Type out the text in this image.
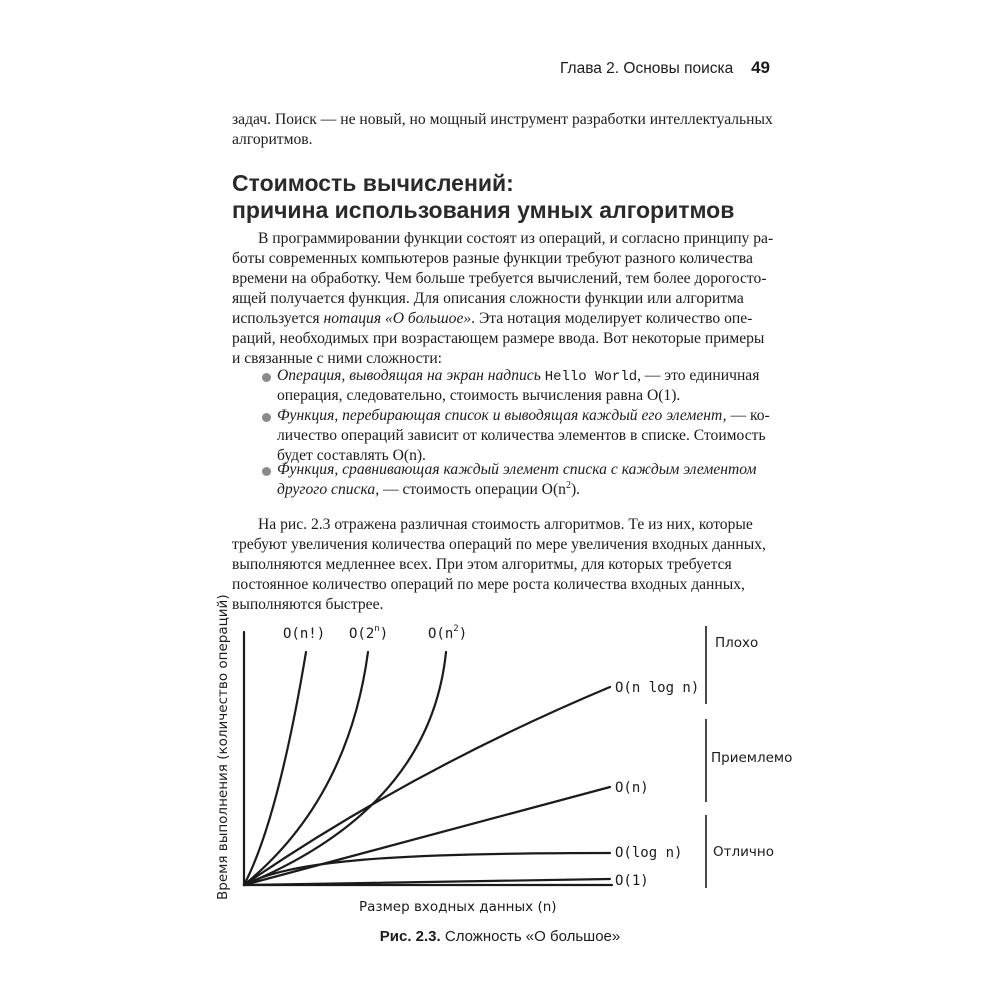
Глава 2. Основы поиска 49
задач. Поиск — не новый, но мощный инструмент разработки интеллектуальных
алгоритмов.
Стоимость вычислений:
причина использования умных алгоритмов
В программировании функции состоят из операций, и согласно принципу ра-
боты современных компьютеров разные функции требуют разного количества
времени на обработку. Чем больше требуется вычислений, тем более дорогосто-
ящей получается функция. Для описания сложности функции или алгоритма
используется нотация «О большое». Эта нотация моделирует количество опе-
раций, необходимых при возрастающем размере ввода. Вот некоторые примеры
и связанные с ними сложности:
Операция, выводящая на экран надпись Hello World, — это единичная
операция, следовательно, стоимость вычисления равна O(1).
Функция, перебирающая список и выводящая каждый его элемент, — ко-
личество операций зависит от количества элементов в списке. Стоимость
будет составлять O(n).
Функция, сравнивающая каждый элемент списка с каждым элементом
другого списка, — стоимость операции $O(n^2)$.
На рис. 2.3 отражена различная стоимость алгоритмов. Те из них, которые
требуют увеличения количества операций по мере увеличения входных данных,
выполняются медленнее всех. При этом алгоритмы, для которых требуется
постоянное количество операций по мере роста количества входных данных,
выполняются быстрее.
O(n!) O(2$^n$)	$O(n^2)$
O(n log n)
O(n)
O(log n)
O(1)
Плохо
Приемлемо
Отлично
Размер входных данных (n)
Время выполнения (количество операций)
Рис. 2.3. Сложность «О большое»
